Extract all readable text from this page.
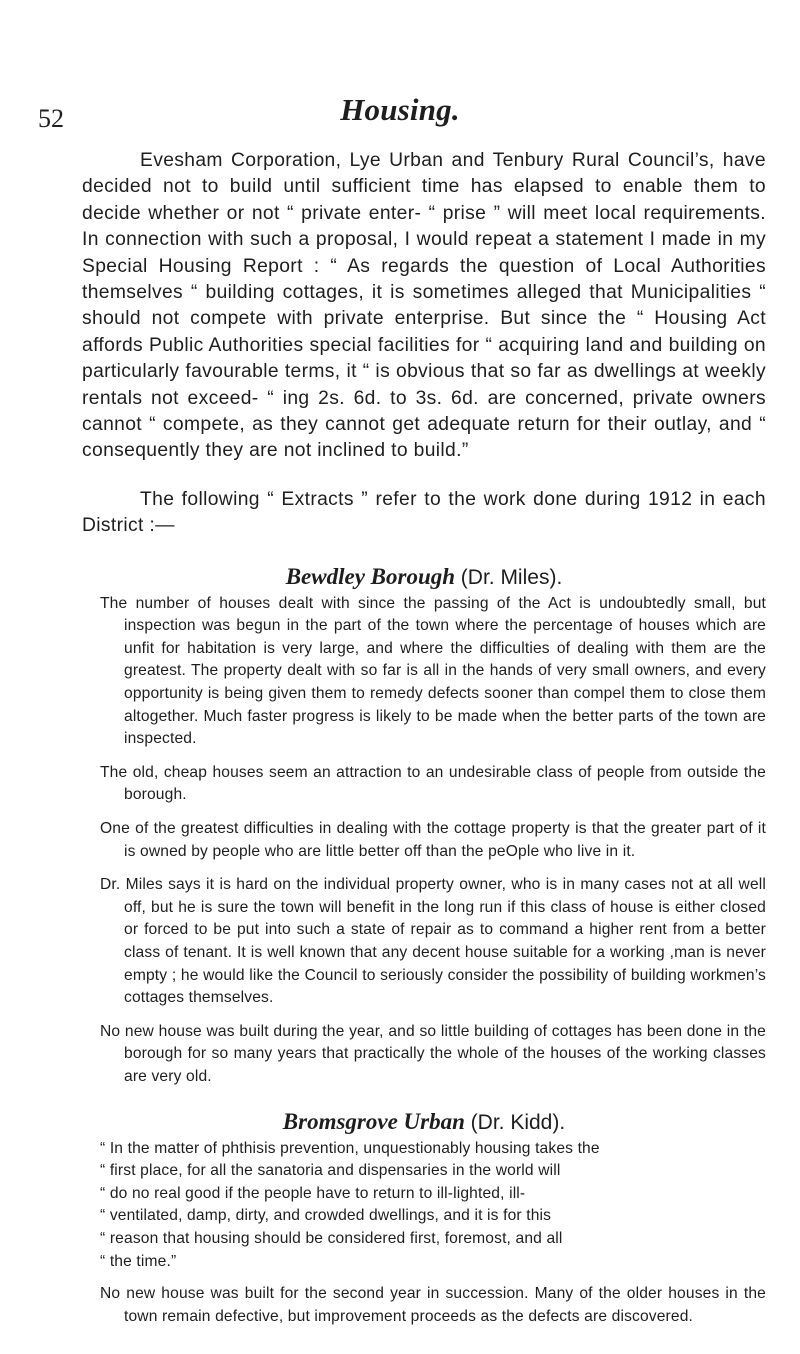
52	Housing.

Evesham Corporation, Lye Urban and Tenbury Rural Council’s, have decided not to build until sufficient time has elapsed to enable them to decide whether or not “ private enter- “ prise ” will meet local requirements. In connection with such a proposal, I would repeat a statement I made in my Special Housing Report : “ As regards the question of Local Authorities themselves “ building cottages, it is sometimes alleged that Municipalities “ should not compete with private enterprise. But since the “ Housing Act affords Public Authorities special facilities for “ acquiring land and building on particularly favourable terms, it “ is obvious that so far as dwellings at weekly rentals not exceed- “ ing 2s. 6d. to 3s. 6d. are concerned, private owners cannot “ compete, as they cannot get adequate return for their outlay, and “ consequently they are not inclined to build.”

The following “ Extracts ” refer to the work done during 1912 in each District :—

Bewdley Borough (Dr. Miles).

The number of houses dealt with since the passing of the Act is undoubtedly small, but inspection was begun in the part of the town where the percentage of houses which are unfit for habitation is very large, and where the difficulties of dealing with them are the greatest. The property dealt with so far is all in the hands of very small owners, and every opportunity is being given them to remedy defects sooner than compel them to close them altogether. Much faster progress is likely to be made when the better parts of the town are inspected.

The old, cheap houses seem an attraction to an undesirable class of people from outside the borough.

One of the greatest difficulties in dealing with the cottage property is that the greater part of it is owned by people who are little better off than the peOple who live in it.

Dr. Miles says it is hard on the individual property owner, who is in many cases not at all well off, but he is sure the town will benefit in the long run if this class of house is either closed or forced to be put into such a state of repair as to command a higher rent from a better class of tenant. It is well known that any decent house suitable for a working ,man is never empty ; he would like the Council to seriously consider the possibility of building workmen’s cottages themselves.

No new house was built during the year, and so little building of cottages has been done in the borough for so many years that practically the whole of the houses of the working classes are very old.

Bromsgrove Urban (Dr. Kidd).
“ In the matter of phthisis prevention, unquestionably housing takes the
“ first place, for all the sanatoria and dispensaries in the world will
“ do no real good if the people have to return to ill-lighted, ill-
“ ventilated, damp, dirty, and crowded dwellings, and it is for this
“ reason that housing should be considered first, foremost, and all
“ the time.”

No new house was built for the second year in succession. Many of the older houses in the town remain defective, but improvement proceeds as the defects are discovered.
